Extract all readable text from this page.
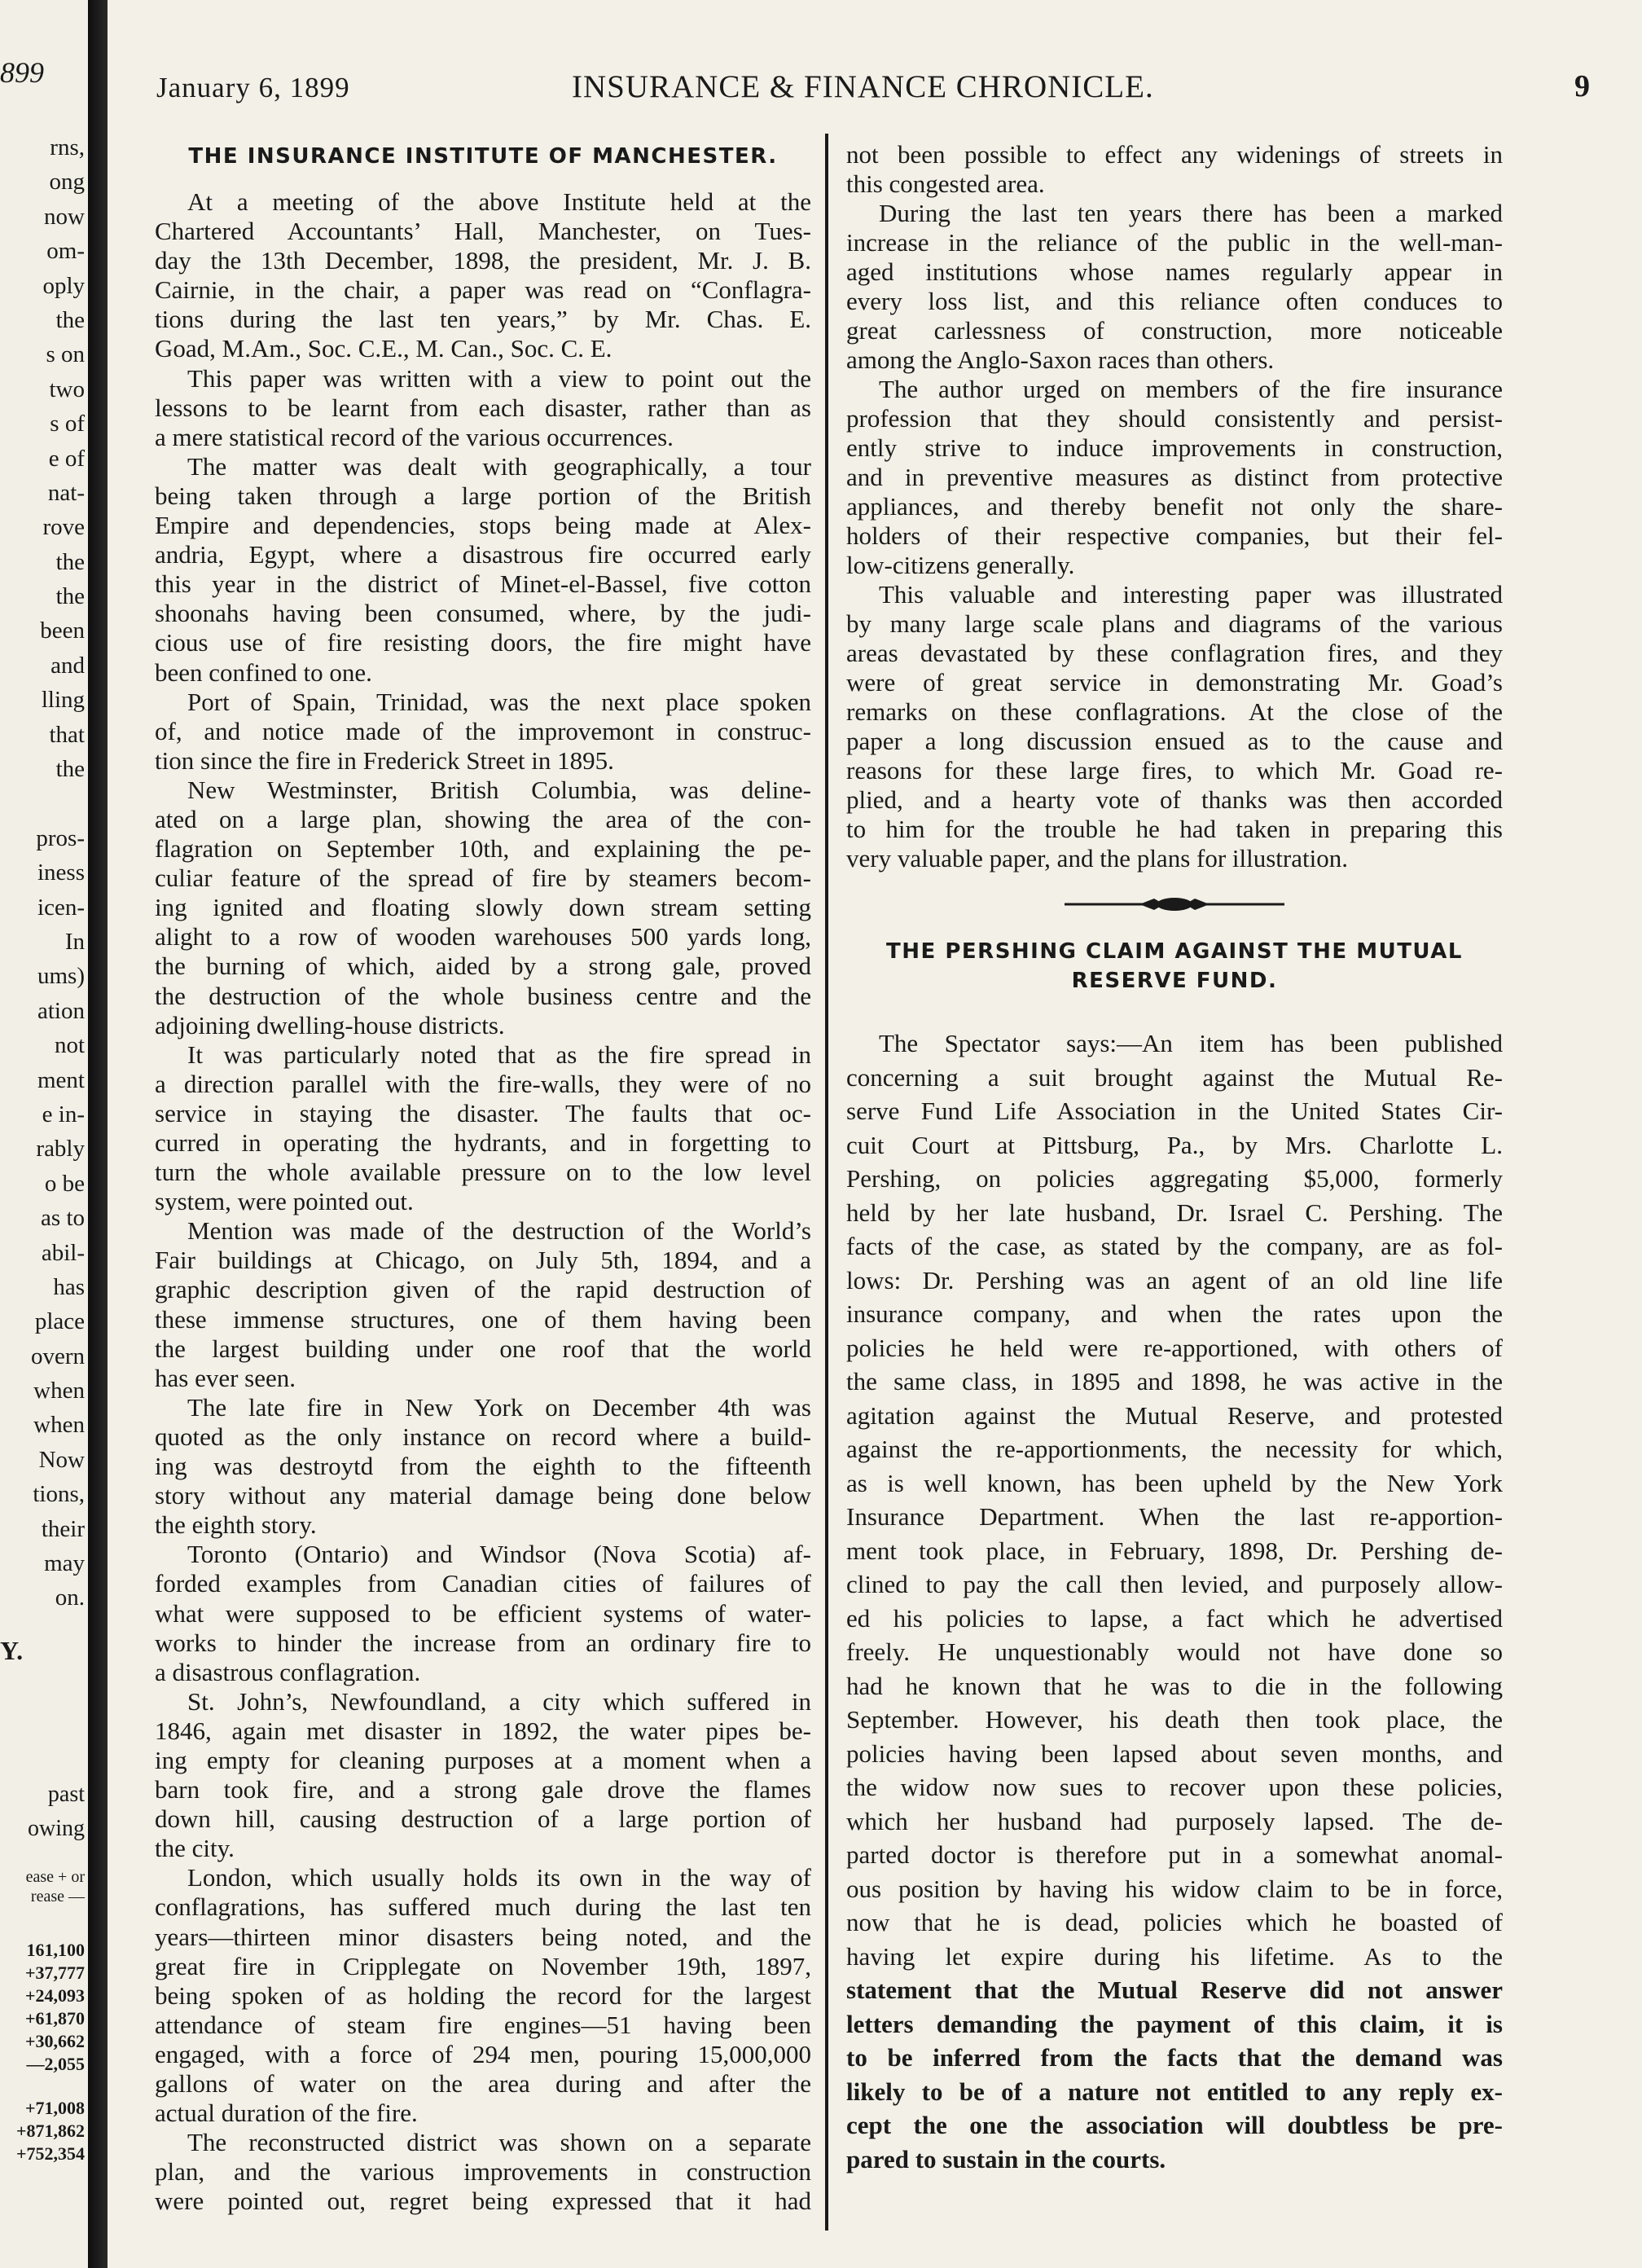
899
rns,
ong
now
om-
oply
the
s on
two
s of
e of
nat-
rove
the
the
been
and
lling
that
the
pros-
iness
icen-
In
ums)
ation
not
ment
e in-
rably
o be
as to
abil-
has
place
overn
when
when
Now
tions,
their
may
on.
Y.
past
owing
ease + or
rease —
161,100
+37,777
+24,093
+61,870
+30,662
—2,055
+71,008
+871,862
+752,354
January 6, 1899	INSURANCE & FINANCE CHRONICLE.	9
THE INSURANCE INSTITUTE OF MANCHESTER.
At a meeting of the above Institute held at the
Chartered Accountants’ Hall, Manchester, on Tues-
day the 13th December, 1898, the president, Mr. J. B.
Cairnie, in the chair, a paper was read on “Conflagra-
tions during the last ten years,” by Mr. Chas. E.
Goad, M.Am., Soc. C.E., M. Can., Soc. C. E.
This paper was written with a view to point out the
lessons to be learnt from each disaster, rather than as
a mere statistical record of the various occurrences.
The matter was dealt with geographically, a tour
being taken through a large portion of the British
Empire and dependencies, stops being made at Alex-
andria, Egypt, where a disastrous fire occurred early
this year in the district of Minet-el-Bassel, five cotton
shoonahs having been consumed, where, by the judi-
cious use of fire resisting doors, the fire might have
been confined to one.
Port of Spain, Trinidad, was the next place spoken
of, and notice made of the improvemont in construc-
tion since the fire in Frederick Street in 1895.
New Westminster, British Columbia, was deline-
ated on a large plan, showing the area of the con-
flagration on September 10th, and explaining the pe-
culiar feature of the spread of fire by steamers becom-
ing ignited and floating slowly down stream setting
alight to a row of wooden warehouses 500 yards long,
the burning of which, aided by a strong gale, proved
the destruction of the whole business centre and the
adjoining dwelling-house districts.
It was particularly noted that as the fire spread in
a direction parallel with the fire-walls, they were of no
service in staying the disaster. The faults that oc-
curred in operating the hydrants, and in forgetting to
turn the whole available pressure on to the low level
system, were pointed out.
Mention was made of the destruction of the World’s
Fair buildings at Chicago, on July 5th, 1894, and a
graphic description given of the rapid destruction of
these immense structures, one of them having been
the largest building under one roof that the world
has ever seen.
The late fire in New York on December 4th was
quoted as the only instance on record where a build-
ing was destroytd from the eighth to the fifteenth
story without any material damage being done below
the eighth story.
Toronto (Ontario) and Windsor (Nova Scotia) af-
forded examples from Canadian cities of failures of
what were supposed to be efficient systems of water-
works to hinder the increase from an ordinary fire to
a disastrous conflagration.
St. John’s, Newfoundland, a city which suffered in
1846, again met disaster in 1892, the water pipes be-
ing empty for cleaning purposes at a moment when a
barn took fire, and a strong gale drove the flames
down hill, causing destruction of a large portion of
the city.
London, which usually holds its own in the way of
conflagrations, has suffered much during the last ten
years—thirteen minor disasters being noted, and the
great fire in Cripplegate on November 19th, 1897,
being spoken of as holding the record for the largest
attendance of steam fire engines—51 having been
engaged, with a force of 294 men, pouring 15,000,000
gallons of water on the area during and after the
actual duration of the fire.
The reconstructed district was shown on a separate
plan, and the various improvements in construction
were pointed out, regret being expressed that it had
not been possible to effect any widenings of streets in
this congested area.
During the last ten years there has been a marked
increase in the reliance of the public in the well-man-
aged institutions whose names regularly appear in
every loss list, and this reliance often conduces to
great carlessness of construction, more noticeable
among the Anglo-Saxon races than others.
The author urged on members of the fire insurance
profession that they should consistently and persist-
ently strive to induce improvements in construction,
and in preventive measures as distinct from protective
appliances, and thereby benefit not only the share-
holders of their respective companies, but their fel-
low-citizens generally.
This valuable and interesting paper was illustrated
by many large scale plans and diagrams of the various
areas devastated by these conflagration fires, and they
were of great service in demonstrating Mr. Goad’s
remarks on these conflagrations. At the close of the
paper a long discussion ensued as to the cause and
reasons for these large fires, to which Mr. Goad re-
plied, and a hearty vote of thanks was then accorded
to him for the trouble he had taken in preparing this
very valuable paper, and the plans for illustration.
THE PERSHING CLAIM AGAINST THE MUTUAL
RESERVE FUND.
The Spectator says:—An item has been published
concerning a suit brought against the Mutual Re-
serve Fund Life Association in the United States Cir-
cuit Court at Pittsburg, Pa., by Mrs. Charlotte L.
Pershing, on policies aggregating $5,000, formerly
held by her late husband, Dr. Israel C. Pershing. The
facts of the case, as stated by the company, are as fol-
lows: Dr. Pershing was an agent of an old line life
insurance company, and when the rates upon the
policies he held were re-apportioned, with others of
the same class, in 1895 and 1898, he was active in the
agitation against the Mutual Reserve, and protested
against the re-apportionments, the necessity for which,
as is well known, has been upheld by the New York
Insurance Department. When the last re-apportion-
ment took place, in February, 1898, Dr. Pershing de-
clined to pay the call then levied, and purposely allow-
ed his policies to lapse, a fact which he advertised
freely. He unquestionably would not have done so
had he known that he was to die in the following
September. However, his death then took place, the
policies having been lapsed about seven months, and
the widow now sues to recover upon these policies,
which her husband had purposely lapsed. The de-
parted doctor is therefore put in a somewhat anomal-
ous position by having his widow claim to be in force,
now that he is dead, policies which he boasted of
having let expire during his lifetime. As to the
statement that the Mutual Reserve did not answer
letters demanding the payment of this claim, it is
to be inferred from the facts that the demand was
likely to be of a nature not entitled to any reply ex-
cept the one the association will doubtless be pre-
pared to sustain in the courts.
